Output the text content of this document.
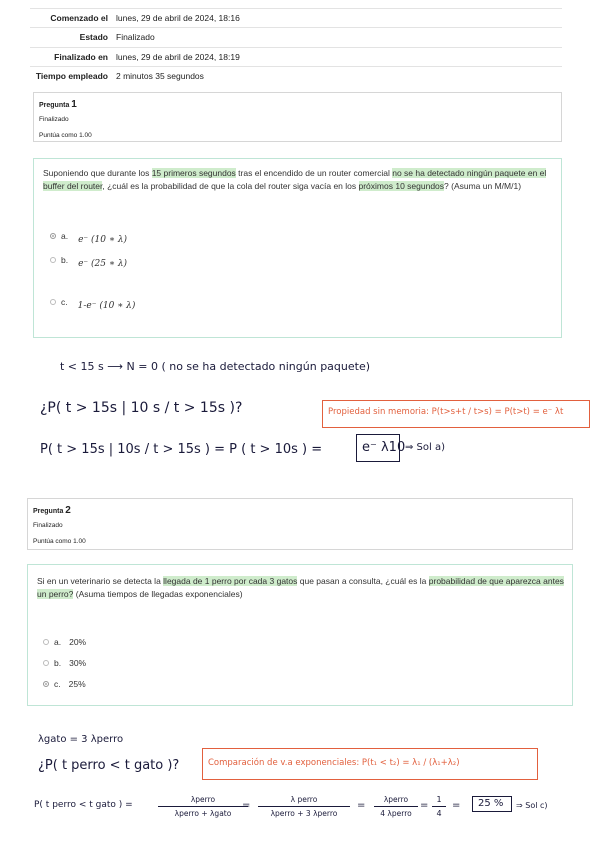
Comenzado el lunes, 29 de abril de 2024, 18:16
Estado Finalizado
Finalizado en lunes, 29 de abril de 2024, 18:19
Tiempo empleado 2 minutos 35 segundos
Pregunta 1
Finalizado
Puntúa como 1.00
Suponiendo que durante los 15 primeros segundos tras el encendido de un router comercial no se ha detectado ningún paquete en el buffer del router, ¿cuál es la probabilidad de que la cola del router siga vacía en los próximos 10 segundos? (Asuma un M/M/1)
a. e⁻ (10 ∗ λ)
b. e⁻ (25 ∗ λ)
c. 1-e⁻ (10 ∗ λ)
t < 15 s ⟶ N = 0 ( no se ha detectado ningún paquete)
¿P( t > 15s | 10 s / t > 15s )?	Propiedad sin memoria: P(t>s+t / t>s) = P(t>t) = e⁻ λt
P( t > 15s | 10s / t > 15s ) = P ( t > 10s ) =	e⁻ λ10 ⇒ Sol a)
Pregunta 2
Finalizado
Puntúa como 1.00
Si en un veterinario se detecta la llegada de 1 perro por cada 3 gatos que pasan a consulta, ¿cuál es la probabilidad de que aparezca antes un perro? (Asuma tiempos de llegadas exponenciales)
a. 20%
b. 30%
c. 25%
λgato = 3 λperro
¿P( t perro < t gato )?	Comparación de v.a exponenciales: P(t₁ < t₂) = λ₁ / (λ₁+λ₂)
P( t perro < t gato ) =
λperro
λperro + λgato
=
λ perro
λperro + 3 λperro
=
λperro
4 λperro
=
1
4
= 25 % ⇒ Sol c)
